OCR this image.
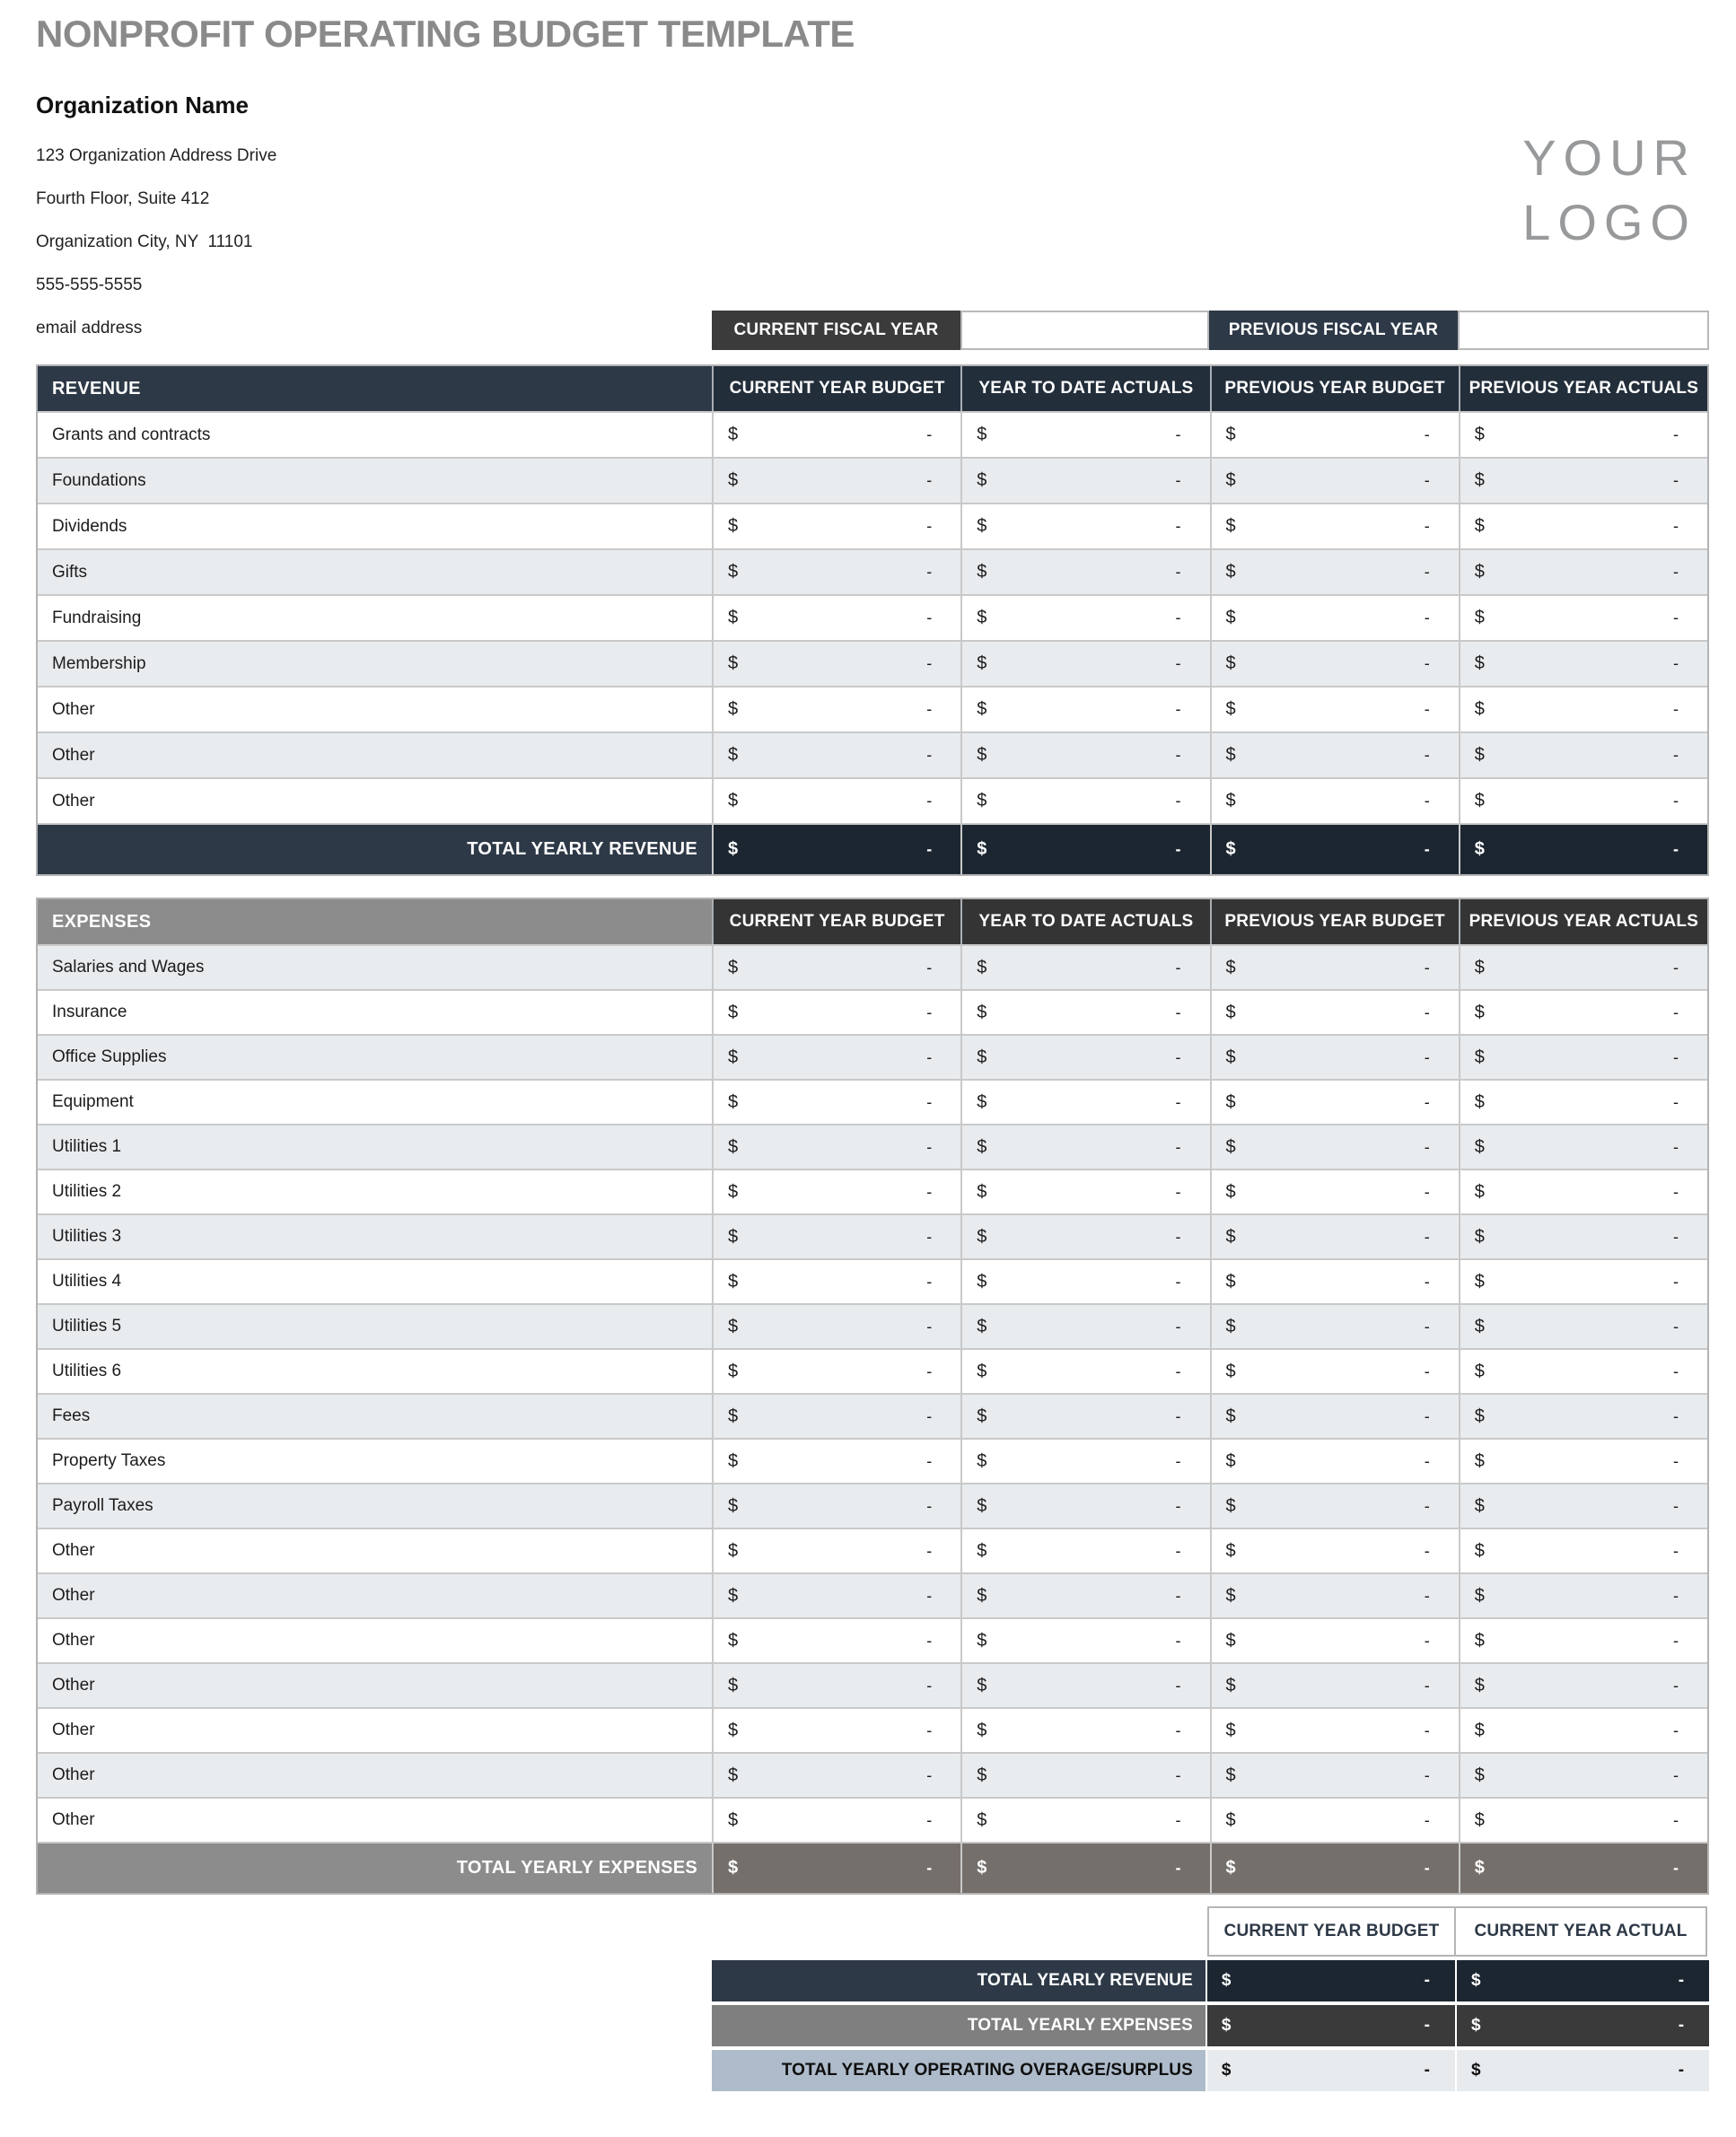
NONPROFIT OPERATING BUDGET TEMPLATE
Organization Name
123 Organization Address Drive
Fourth Floor, Suite 412
Organization City, NY  11101
555-555-5555
email address
YOUR
LOGO
CURRENT FISCAL YEAR	PREVIOUS FISCAL YEAR
REVENUE	CURRENT YEAR BUDGET	YEAR TO DATE ACTUALS	PREVIOUS YEAR BUDGET	PREVIOUS YEAR ACTUALS
Grants and contracts	$	-	$	-	$	-	$	-
Foundations	$	-	$	-	$	-	$	-
Dividends	$	-	$	-	$	-	$	-
Gifts	$	-	$	-	$	-	$	-
Fundraising	$	-	$	-	$	-	$	-
Membership	$	-	$	-	$	-	$	-
Other	$	-	$	-	$	-	$	-
Other	$	-	$	-	$	-	$	-
Other	$	-	$	-	$	-	$	-
TOTAL YEARLY REVENUE	$	-	$	-	$	-	$	-
EXPENSES	CURRENT YEAR BUDGET	YEAR TO DATE ACTUALS	PREVIOUS YEAR BUDGET	PREVIOUS YEAR ACTUALS
Salaries and Wages	$	-	$	-	$	-	$	-
Insurance	$	-	$	-	$	-	$	-
Office Supplies	$	-	$	-	$	-	$	-
Equipment	$	-	$	-	$	-	$	-
Utilities 1	$	-	$	-	$	-	$	-
Utilities 2	$	-	$	-	$	-	$	-
Utilities 3	$	-	$	-	$	-	$	-
Utilities 4	$	-	$	-	$	-	$	-
Utilities 5	$	-	$	-	$	-	$	-
Utilities 6	$	-	$	-	$	-	$	-
Fees	$	-	$	-	$	-	$	-
Property Taxes	$	-	$	-	$	-	$	-
Payroll Taxes	$	-	$	-	$	-	$	-
Other	$	-	$	-	$	-	$	-
Other	$	-	$	-	$	-	$	-
Other	$	-	$	-	$	-	$	-
Other	$	-	$	-	$	-	$	-
Other	$	-	$	-	$	-	$	-
Other	$	-	$	-	$	-	$	-
Other	$	-	$	-	$	-	$	-
TOTAL YEARLY EXPENSES	$	-	$	-	$	-	$	-
CURRENT YEAR BUDGET	CURRENT YEAR ACTUAL
TOTAL YEARLY REVENUE	$	- $	-
TOTAL YEARLY EXPENSES	$	- $	-
TOTAL YEARLY OPERATING OVERAGE/SURPLUS	$	- $	-
